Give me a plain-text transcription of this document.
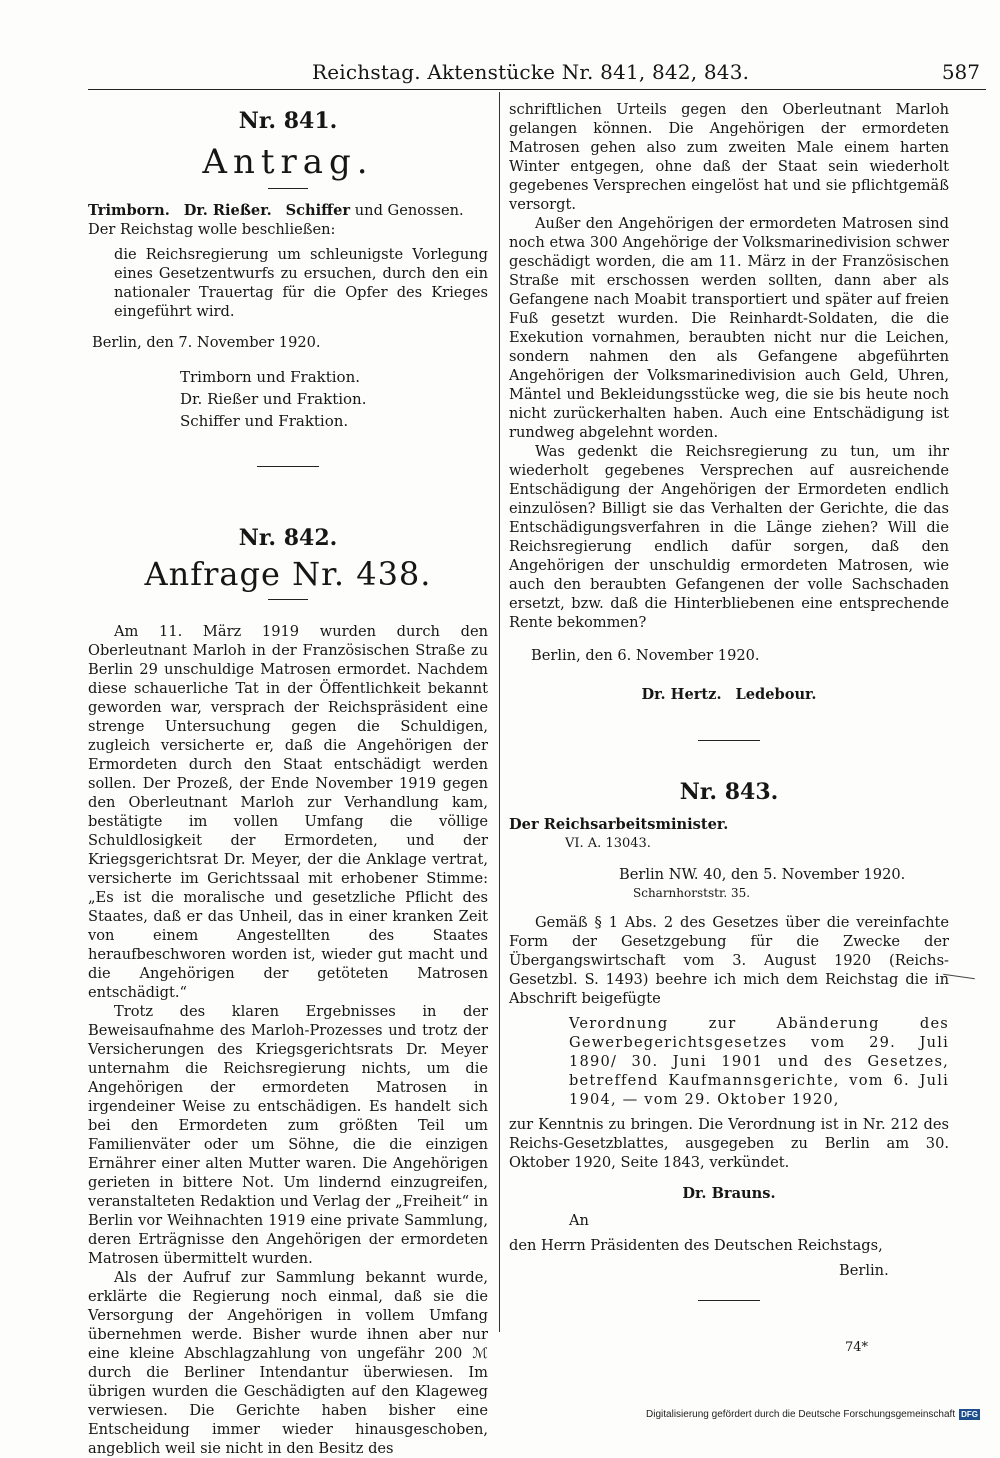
Reichstag. Aktenstücke Nr. 841, 842, 843.	587

Nr. 841.

Antrag.

Trimborn. Dr. Rießer. Schiffer und Genossen.

Der Reichstag wolle beschließen:

die Reichsregierung um schleunigste Vorlegung eines Gesetzentwurfs zu ersuchen, durch den ein nationaler Trauertag für die Opfer des Krieges eingeführt wird.

Berlin, den 7. November 1920.

Trimborn und Fraktion.

Dr. Rießer und Fraktion.

Schiffer und Fraktion.

Nr. 842.

Anfrage Nr. 438.

Am 11. März 1919 wurden durch den Oberleutnant Marloh in der Französischen Straße zu Berlin 29 unschuldige Matrosen ermordet. Nachdem diese schauerliche Tat in der Öffentlichkeit bekannt geworden war, versprach der Reichspräsident eine strenge Untersuchung gegen die Schuldigen, zugleich versicherte er, daß die Angehörigen der Ermordeten durch den Staat entschädigt werden sollen. Der Prozeß, der Ende November 1919 gegen den Oberleutnant Marloh zur Verhandlung kam, bestätigte im vollen Umfang die völlige Schuldlosigkeit der Ermordeten, und der Kriegsgerichtsrat Dr. Meyer, der die Anklage vertrat, versicherte im Gerichtssaal mit erhobener Stimme: „Es ist die moralische und gesetzliche Pflicht des Staates, daß er das Unheil, das in einer kranken Zeit von einem Angestellten des Staates heraufbeschworen worden ist, wieder gut macht und die Angehörigen der getöteten Matrosen entschädigt.“

Trotz des klaren Ergebnisses in der Beweisaufnahme des Marloh-Prozesses und trotz der Versicherungen des Kriegsgerichtsrats Dr. Meyer unternahm die Reichsregierung nichts, um die Angehörigen der ermordeten Matrosen in irgendeiner Weise zu entschädigen. Es handelt sich bei den Ermordeten zum größten Teil um Familienväter oder um Söhne, die die einzigen Ernährer einer alten Mutter waren. Die Angehörigen gerieten in bittere Not. Um lindernd einzugreifen, veranstalteten Redaktion und Verlag der „Freiheit“ in Berlin vor Weihnachten 1919 eine private Sammlung, deren Erträgnisse den Angehörigen der ermordeten Matrosen übermittelt wurden.

Als der Aufruf zur Sammlung bekannt wurde, erklärte die Regierung noch einmal, daß sie die Versorgung der Angehörigen in vollem Umfang übernehmen werde. Bisher wurde ihnen aber nur eine kleine Abschlagzahlung von ungefähr 200 ℳ durch die Berliner Intendantur überwiesen. Im übrigen wurden die Geschädigten auf den Klageweg verwiesen. Die Gerichte haben bisher eine Entscheidung immer wieder hinausgeschoben, angeblich weil sie nicht in den Besitz des

schriftlichen Urteils gegen den Oberleutnant Marloh gelangen können. Die Angehörigen der ermordeten Matrosen gehen also zum zweiten Male einem harten Winter entgegen, ohne daß der Staat sein wiederholt gegebenes Versprechen eingelöst hat und sie pflichtgemäß versorgt.

Außer den Angehörigen der ermordeten Matrosen sind noch etwa 300 Angehörige der Volksmarinedivision schwer geschädigt worden, die am 11. März in der Französischen Straße mit erschossen werden sollten, dann aber als Gefangene nach Moabit transportiert und später auf freien Fuß gesetzt wurden. Die Reinhardt-Soldaten, die die Exekution vornahmen, beraubten nicht nur die Leichen, sondern nahmen den als Gefangene abgeführten Angehörigen der Volksmarinedivision auch Geld, Uhren, Mäntel und Bekleidungsstücke weg, die sie bis heute noch nicht zurückerhalten haben. Auch eine Entschädigung ist rundweg abgelehnt worden.

Was gedenkt die Reichsregierung zu tun, um ihr wiederholt gegebenes Versprechen auf ausreichende Entschädigung der Angehörigen der Ermordeten endlich einzulösen? Billigt sie das Verhalten der Gerichte, die das Entschädigungsverfahren in die Länge ziehen? Will die Reichsregierung endlich dafür sorgen, daß den Angehörigen der unschuldig ermordeten Matrosen, wie auch den beraubten Gefangenen der volle Sachschaden ersetzt, bzw. daß die Hinterbliebenen eine entsprechende Rente bekommen?

Berlin, den 6. November 1920.

Dr. Hertz. Ledebour.

Nr. 843.

Der Reichsarbeitsminister.

VI. A. 13043.

Berlin NW. 40, den 5. November 1920.

Scharnhorststr. 35.

Gemäß § 1 Abs. 2 des Gesetzes über die vereinfachte Form der Gesetzgebung für die Zwecke der Übergangswirtschaft vom 3. August 1920 (Reichs-Gesetzbl. S. 1493) beehre ich mich dem Reichstag die in Abschrift beigefügte

Verordnung zur Abänderung des Gewerbegerichtsgesetzes vom 29. Juli 1890/ 30. Juni 1901 und des Gesetzes, betreffend Kaufmannsgerichte, vom 6. Juli 1904, — vom 29. Oktober 1920,

zur Kenntnis zu bringen. Die Verordnung ist in Nr. 212 des Reichs-Gesetzblattes, ausgegeben zu Berlin am 30. Oktober 1920, Seite 1843, verkündet.

Dr. Brauns.

An

den Herrn Präsidenten des Deutschen Reichstags,

Berlin.

74*
Digitalisierung gefördert durch die Deutsche Forschungsgemeinschaft DFG
